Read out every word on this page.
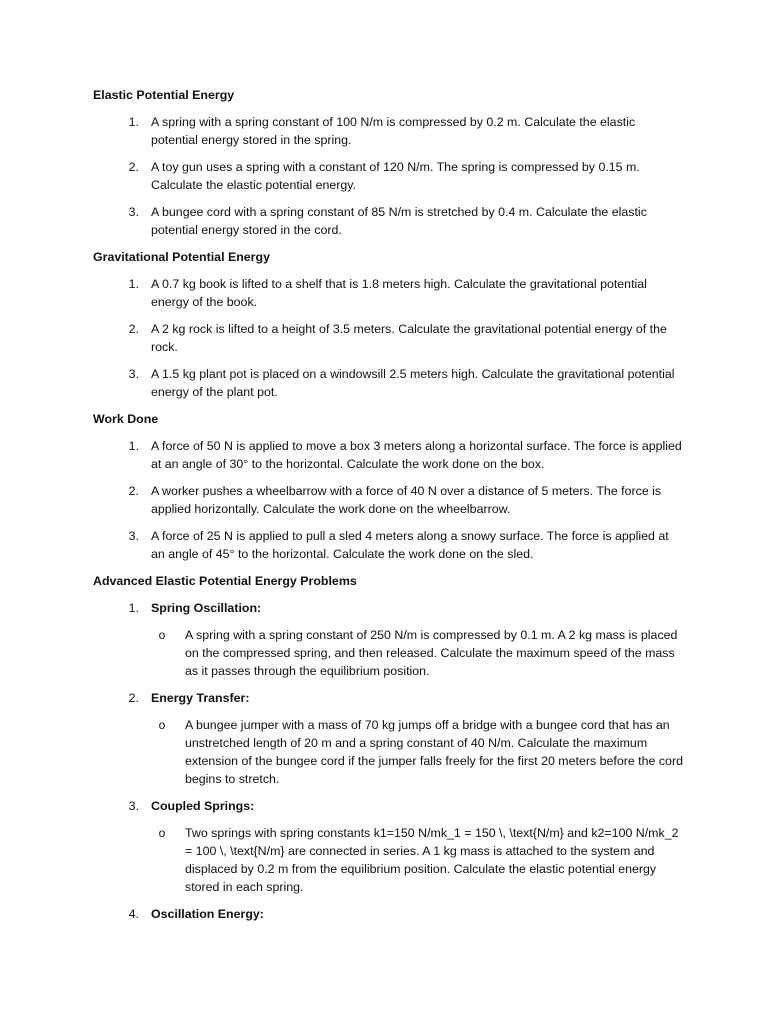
Elastic Potential Energy
1. A spring with a spring constant of 100 N/m is compressed by 0.2 m. Calculate the elastic potential energy stored in the spring.
2. A toy gun uses a spring with a constant of 120 N/m. The spring is compressed by 0.15 m. Calculate the elastic potential energy.
3. A bungee cord with a spring constant of 85 N/m is stretched by 0.4 m. Calculate the elastic potential energy stored in the cord.
Gravitational Potential Energy
1. A 0.7 kg book is lifted to a shelf that is 1.8 meters high. Calculate the gravitational potential energy of the book.
2. A 2 kg rock is lifted to a height of 3.5 meters. Calculate the gravitational potential energy of the rock.
3. A 1.5 kg plant pot is placed on a windowsill 2.5 meters high. Calculate the gravitational potential energy of the plant pot.
Work Done
1. A force of 50 N is applied to move a box 3 meters along a horizontal surface. The force is applied at an angle of 30° to the horizontal. Calculate the work done on the box.
2. A worker pushes a wheelbarrow with a force of 40 N over a distance of 5 meters. The force is applied horizontally. Calculate the work done on the wheelbarrow.
3. A force of 25 N is applied to pull a sled 4 meters along a snowy surface. The force is applied at an angle of 45° to the horizontal. Calculate the work done on the sled.
Advanced Elastic Potential Energy Problems
1. Spring Oscillation:
o	A spring with a spring constant of 250 N/m is compressed by 0.1 m. A 2 kg mass is placed on the compressed spring, and then released. Calculate the maximum speed of the mass as it passes through the equilibrium position.
2. Energy Transfer:
o	A bungee jumper with a mass of 70 kg jumps off a bridge with a bungee cord that has an unstretched length of 20 m and a spring constant of 40 N/m. Calculate the maximum extension of the bungee cord if the jumper falls freely for the first 20 meters before the cord begins to stretch.
3. Coupled Springs:
o	Two springs with spring constants k1=150 N/mk_1 = 150 \, \text{N/m} and k2=100 N/mk_2 = 100 \, \text{N/m} are connected in series. A 1 kg mass is attached to the system and displaced by 0.2 m from the equilibrium position. Calculate the elastic potential energy stored in each spring.
4. Oscillation Energy:
